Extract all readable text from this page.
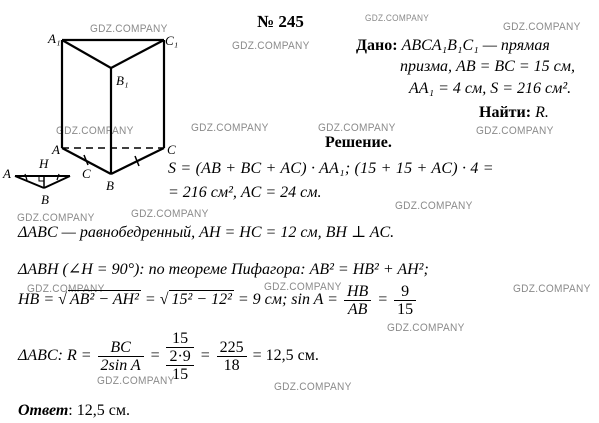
GDZ.COMPANY
GDZ.COMPANY
GDZ.COMPANY
GDZ.COMPANY
GDZ.COMPANY	GDZ.COMPANY	GDZ.COMPANY	GDZ.COMPANY
GDZ.COMPANY	GDZ.COMPANY
GDZ.COMPANY
GDZ.COMPANY	GDZ.COMPANY	GDZ.COMPANY
GDZ.COMPANY
GDZ.COMPANY	GDZ.COMPANY
№ 245
A₁	C₁
B₁
A	C
B
A
H
C
B
Дано: ABCA₁B₁C₁ — прямая
призма, AB = BC = 15 см,
AA₁ = 4 см, S = 216 см².
Найти: R.
Решение.
S = (AB + BC + AC) · AA₁; (15 + 15 + AC) · 4 =
= 216 см², AC = 24 см.
ΔABC — равнобедренный, AH = HC = 12 см, BH ⊥ AC.
ΔABH (∠H = 90°): по теореме Пифагора: AB² = HB² + AH²;
HB = √ AB² − AH² = √ 15² − 12² = 9 см; $\sin A = \frac{HB}{AB} = \frac{9}{15}$
ΔABC: $R = \frac{BC}{\text{2sin A}}$ =
15
2·9
15
= $\frac{225}{18} = 12,5$ см.
Ответ: 12,5 см.
